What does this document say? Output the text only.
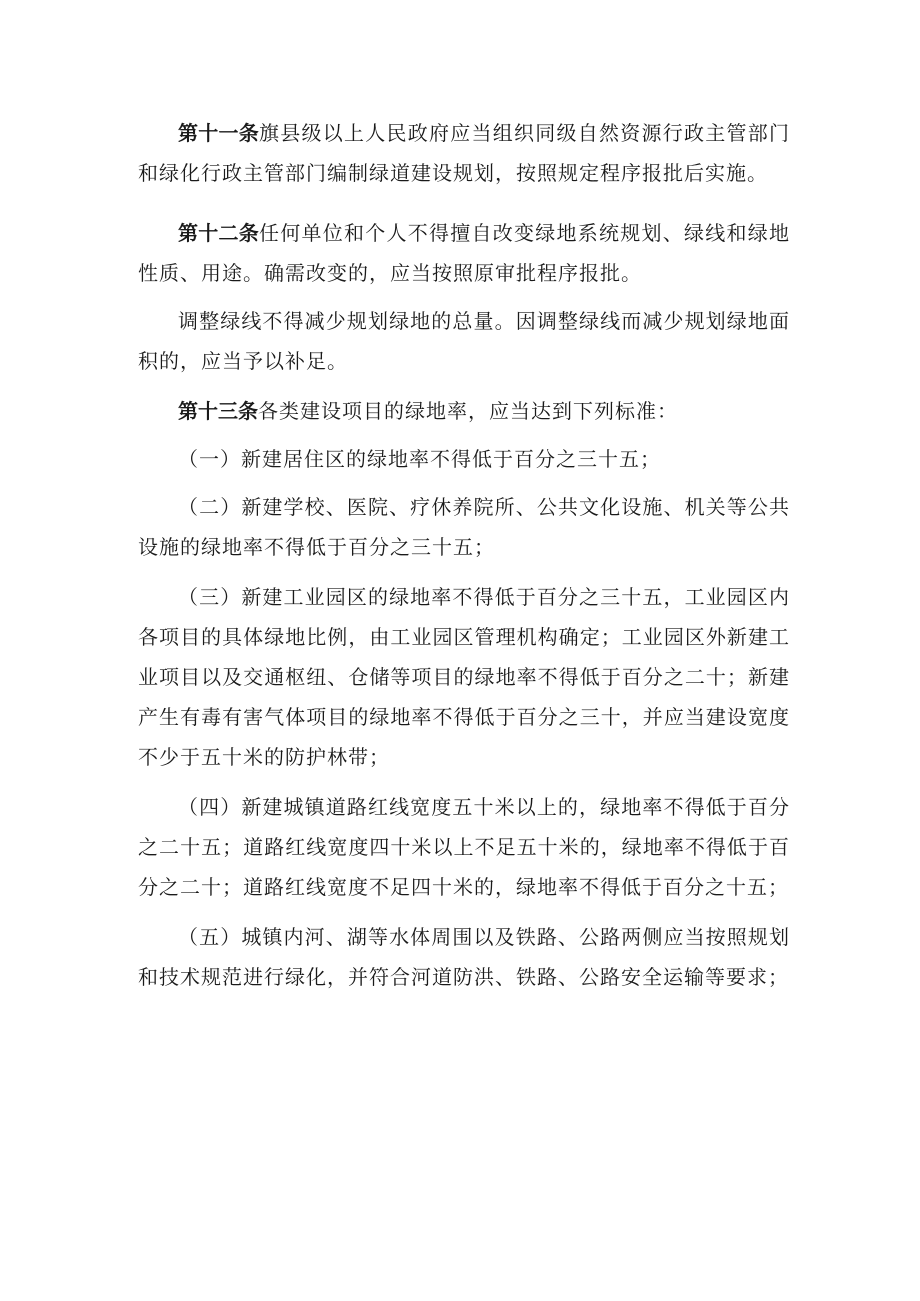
第十一条旗县级以上人民政府应当组织同级自然资源行政主管部门和绿化行政主管部门编制绿道建设规划，按照规定程序报批后实施。

第十二条任何单位和个人不得擅自改变绿地系统规划、绿线和绿地性质、用途。确需改变的，应当按照原审批程序报批。

调整绿线不得减少规划绿地的总量。因调整绿线而减少规划绿地面积的，应当予以补足。

第十三条各类建设项目的绿地率，应当达到下列标准：

（一）新建居住区的绿地率不得低于百分之三十五；

（二）新建学校、医院、疗休养院所、公共文化设施、机关等公共设施的绿地率不得低于百分之三十五；

（三）新建工业园区的绿地率不得低于百分之三十五，工业园区内各项目的具体绿地比例，由工业园区管理机构确定；工业园区外新建工业项目以及交通枢纽、仓储等项目的绿地率不得低于百分之二十；新建产生有毒有害气体项目的绿地率不得低于百分之三十，并应当建设宽度不少于五十米的防护林带；

（四）新建城镇道路红线宽度五十米以上的，绿地率不得低于百分之二十五；道路红线宽度四十米以上不足五十米的，绿地率不得低于百分之二十；道路红线宽度不足四十米的，绿地率不得低于百分之十五；

（五）城镇内河、湖等水体周围以及铁路、公路两侧应当按照规划和技术规范进行绿化，并符合河道防洪、铁路、公路安全运输等要求；
